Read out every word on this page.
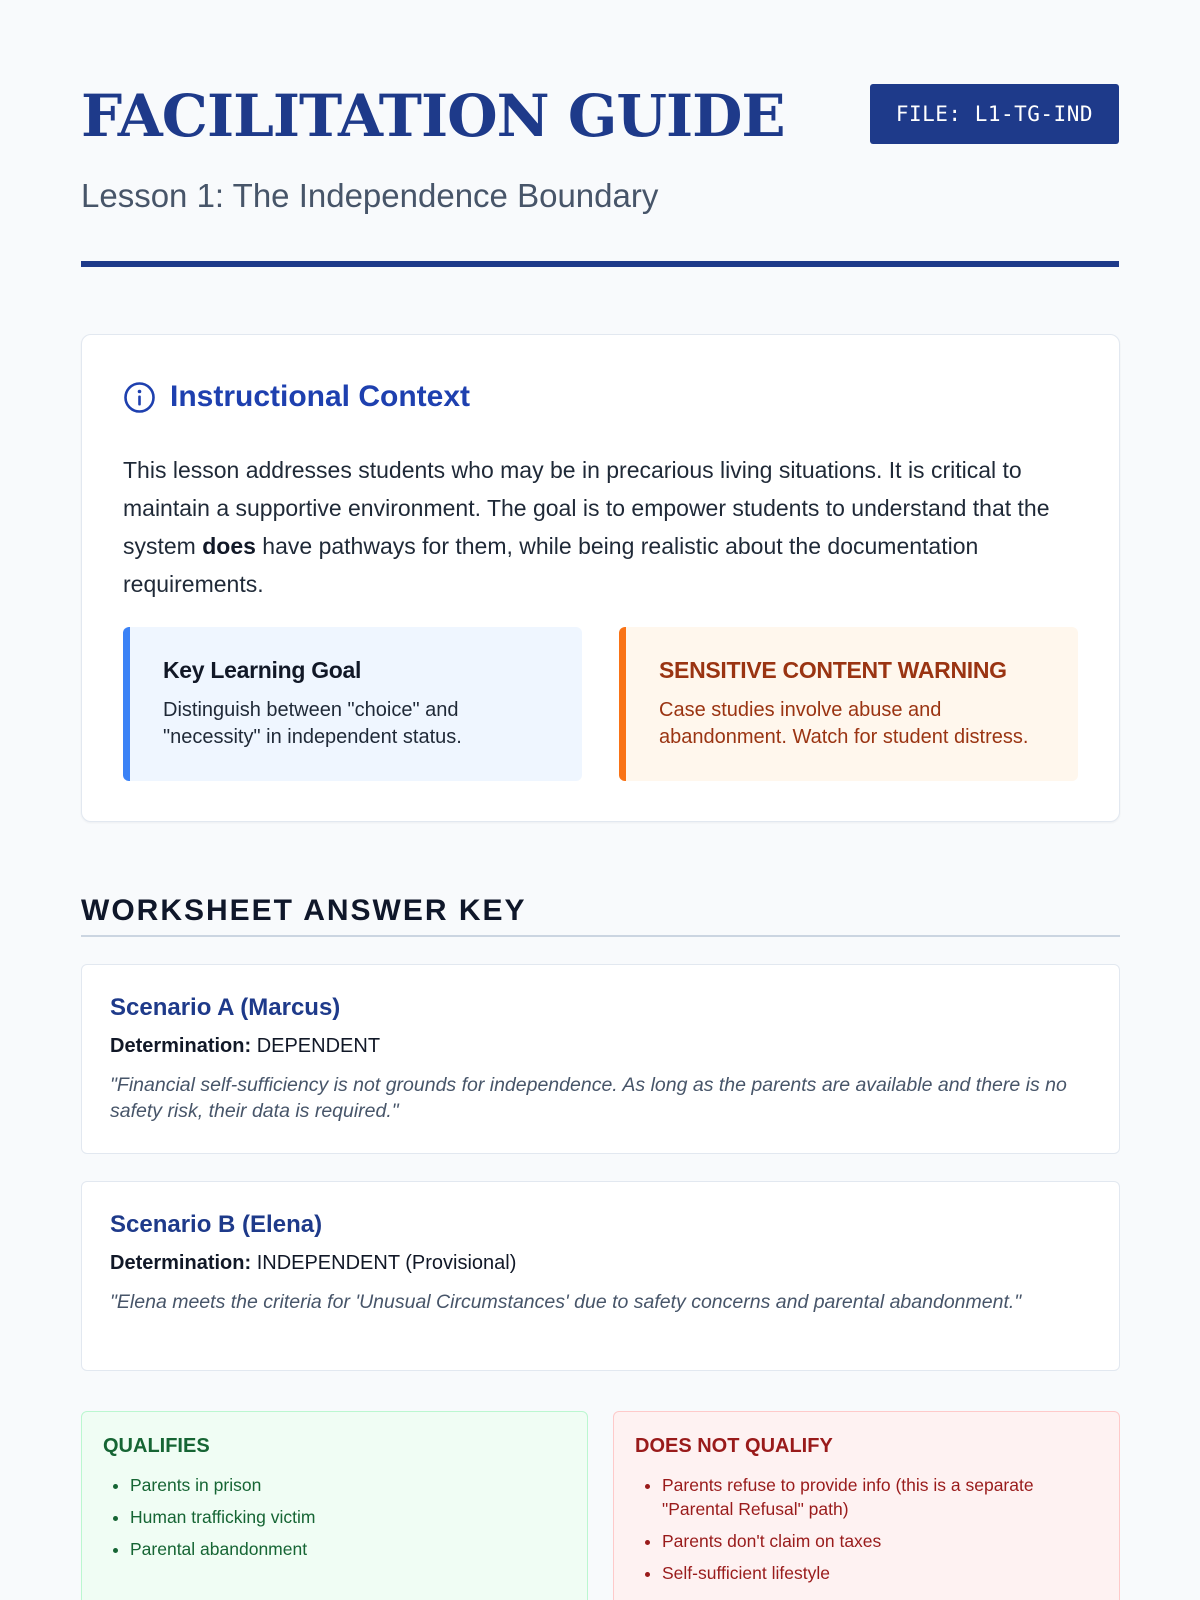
FACILITATION GUIDE	FILE: L1-TG-IND
Lesson 1: The Independence Boundary
Instructional Context

This lesson addresses students who may be in precarious living situations. It is critical to maintain a supportive environment. The goal is to empower students to understand that the system does have pathways for them, while being realistic about the documentation requirements.

Key Learning Goal
Distinguish between "choice" and "necessity" in independent status.
SENSITIVE CONTENT WARNING
Case studies involve abuse and abandonment. Watch for student distress.
WORKSHEET ANSWER KEY
Scenario A (Marcus)
Determination: DEPENDENT
"Financial self-sufficiency is not grounds for independence. As long as the parents are available and there is no safety risk, their data is required."
Scenario B (Elena)
Determination: INDEPENDENT (Provisional)
"Elena meets the criteria for 'Unusual Circumstances' due to safety concerns and parental abandonment."
QUALIFIES
• Parents in prison
• Human trafficking victim
• Parental abandonment
DOES NOT QUALIFY
• Parents refuse to provide info (this is a separate "Parental Refusal" path)
• Parents don't claim on taxes
• Self-sufficient lifestyle
